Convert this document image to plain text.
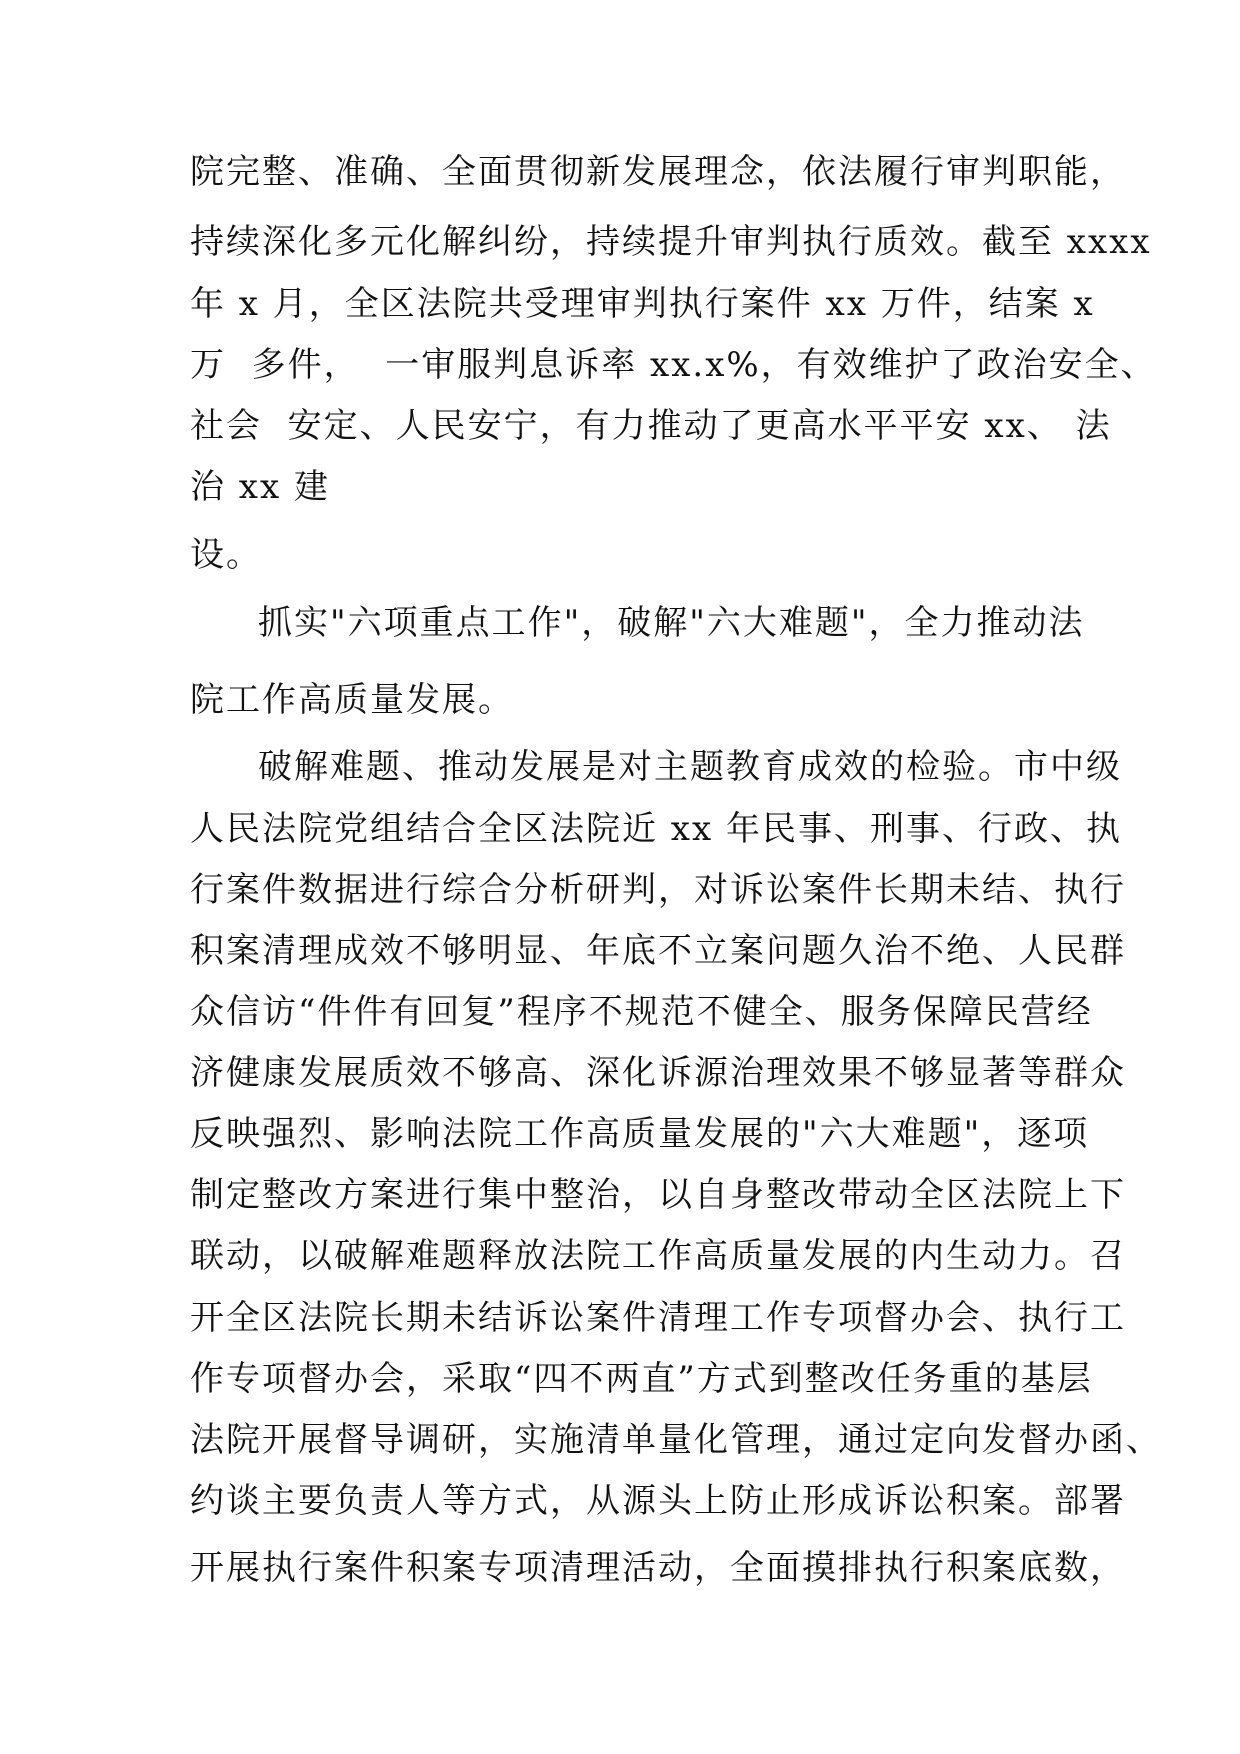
院完整、准确、全面贯彻新发展理念，依法履行审判职能，
持续深化多元化解纠纷，持续提升审判执行质效。截至 xxxx
年 x 月，全区法院共受理审判执行案件 xx 万件，结案 x
万  多件，  一审服判息诉率 xx.x%，有效维护了政治安全、
社会  安定、人民安宁，有力推动了更高水平平安 xx、 法
治 xx 建
设。
抓实"六项重点工作"，破解"六大难题"，全力推动法
院工作高质量发展。
破解难题、推动发展是对主题教育成效的检验。市中级
人民法院党组结合全区法院近 xx 年民事、刑事、行政、执
行案件数据进行综合分析研判，对诉讼案件长期未结、执行
积案清理成效不够明显、年底不立案问题久治不绝、人民群
众信访“件件有回复”程序不规范不健全、服务保障民营经
济健康发展质效不够高、深化诉源治理效果不够显著等群众
反映强烈、影响法院工作高质量发展的"六大难题"，逐项
制定整改方案进行集中整治，以自身整改带动全区法院上下
联动，以破解难题释放法院工作高质量发展的内生动力。召
开全区法院长期未结诉讼案件清理工作专项督办会、执行工
作专项督办会，采取“四不两直”方式到整改任务重的基层
法院开展督导调研，实施清单量化管理，通过定向发督办函、
约谈主要负责人等方式，从源头上防止形成诉讼积案。部署
开展执行案件积案专项清理活动，全面摸排执行积案底数，
